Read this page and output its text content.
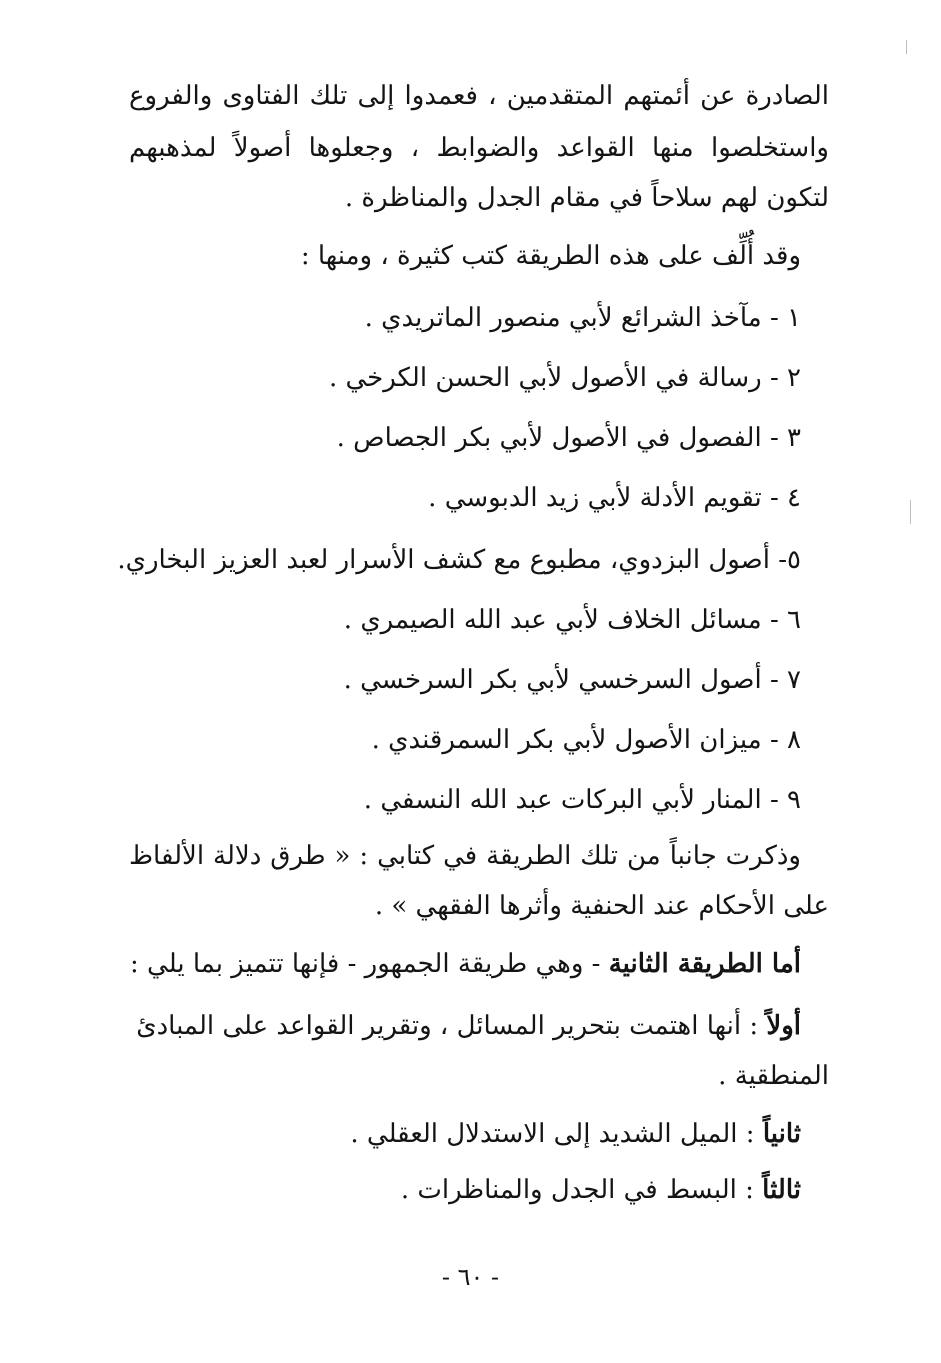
الصادرة عن أئمتهم المتقدمين ، فعمدوا إلى تلك الفتاوى والفروع
واستخلصوا منها القواعد والضوابط ، وجعلوها أصولاً لمذهبهم
لتكون لهم سلاحاً في مقام الجدل والمناظرة .
وقد أُلِّف على هذه الطريقة كتب كثيرة ، ومنها :
١ - مآخذ الشرائع لأبي منصور الماتريدي .
٢ - رسالة في الأصول لأبي الحسن الكرخي .
٣ - الفصول في الأصول لأبي بكر الجصاص .
٤ - تقويم الأدلة لأبي زيد الدبوسي .
٥- أصول البزدوي، مطبوع مع كشف الأسرار لعبد العزيز البخاري.
٦ - مسائل الخلاف لأبي عبد الله الصيمري .
٧ - أصول السرخسي لأبي بكر السرخسي .
٨ - ميزان الأصول لأبي بكر السمرقندي .
٩ - المنار لأبي البركات عبد الله النسفي .
وذكرت جانباً من تلك الطريقة في كتابي : « طرق دلالة الألفاظ
على الأحكام عند الحنفية وأثرها الفقهي » .
أما الطريقة الثانية - وهي طريقة الجمهور - فإنها تتميز بما يلي :
أولاً : أنها اهتمت بتحرير المسائل ، وتقرير القواعد على المبادئ
المنطقية .
ثانياً : الميل الشديد إلى الاستدلال العقلي .
ثالثاً : البسط في الجدل والمناظرات .
- ٦٠ -
